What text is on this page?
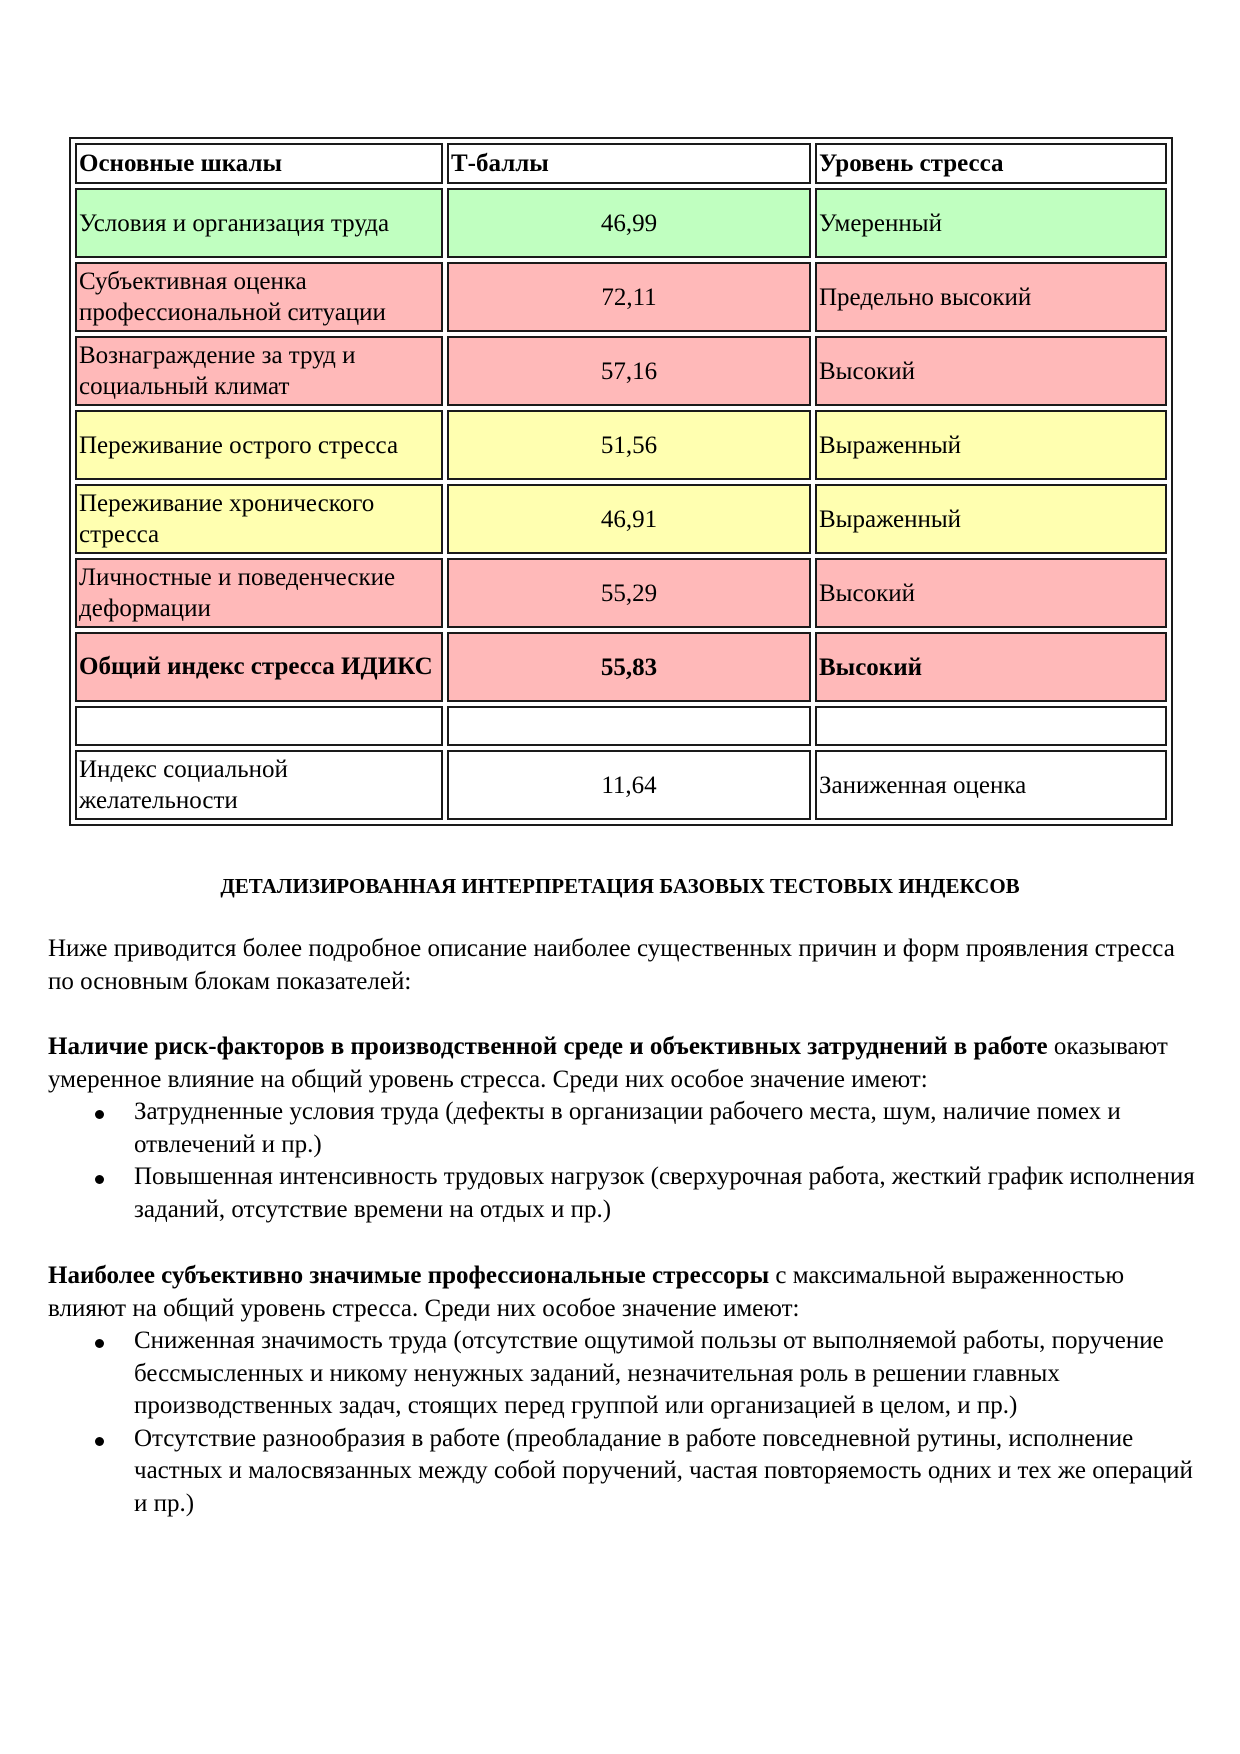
Основные шкалы	Т-баллы	Уровень стресса
Условия и организация труда	46,99	Умеренный
Субъективная оценка профессиональной ситуации	72,11	Предельно высокий
Вознаграждение за труд и социальный климат	57,16	Высокий
Переживание острого стресса	51,56	Выраженный
Переживание хронического стресса	46,91	Выраженный
Личностные и поведенческие деформации	55,29	Высокий
Общий индекс стресса ИДИКС	55,83	Высокий

Индекс социальной желательности	11,64	Заниженная оценка
ДЕТАЛИЗИРОВАННАЯ ИНТЕРПРЕТАЦИЯ БАЗОВЫХ ТЕСТОВЫХ ИНДЕКСОВ

Ниже приводится более подробное описание наиболее существенных причин и форм проявления стресса по основным блокам показателей:

Наличие риск-факторов в производственной среде и объективных затруднений в работе оказывают умеренное влияние на общий уровень стресса. Среди них особое значение имеют:

Затрудненные условия труда (дефекты в организации рабочего места, шум, наличие помех и отвлечений и пр.)
Повышенная интенсивность трудовых нагрузок (сверхурочная работа, жесткий график исполнения заданий, отсутствие времени на отдых и пр.)

Наиболее субъективно значимые профессиональные стрессоры с максимальной выраженностью влияют на общий уровень стресса. Среди них особое значение имеют:

Сниженная значимость труда (отсутствие ощутимой пользы от выполняемой работы, поручение бессмысленных и никому ненужных заданий, незначительная роль в решении главных производственных задач, стоящих перед группой или организацией в целом, и пр.)
Отсутствие разнообразия в работе (преобладание в работе повседневной рутины, исполнение частных и малосвязанных между собой поручений, частая повторяемость одних и тех же операций и пр.)
